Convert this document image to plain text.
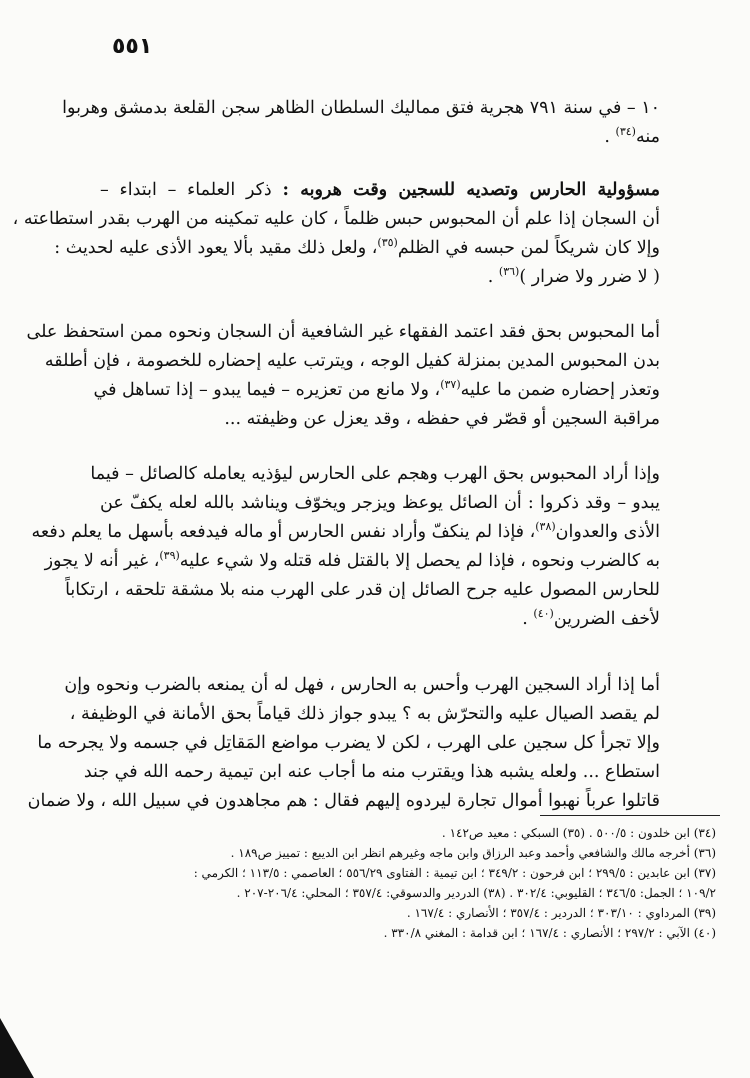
٥٥١
١٠ – في سنة ٧٩١ هجرية فتق مماليك السلطان الظاهر سجن القلعة بدمشق وهربوا
منه$^{(٣٤)}$ .
مسؤولية الحارس وتصديه للسجين وقت هروبه : ذكر العلماء – ابتداء –
أن السجان إذا علم أن المحبوس حبس ظلماً ، كان عليه تمكينه من الهرب بقدر استطاعته ،
وإلا كان شريكاً لمن حبسه في الظلم$^{(٣٥)}$، ولعل ذلك مقيد بألا يعود الأذى عليه لحديث :
( لا ضرر ولا ضرار )$^{(٣٦)}$ .
أما المحبوس بحق فقد اعتمد الفقهاء غير الشافعية أن السجان ونحوه ممن استحفظ على
بدن المحبوس المدين بمنزلة كفيل الوجه ، ويترتب عليه إحضاره للخصومة ، فإن أطلقه
وتعذر إحضاره ضمن ما عليه$^{(٣٧)}$، ولا مانع من تعزيره – فيما يبدو – إذا تساهل في
مراقبة السجين أو قصّر في حفظه ، وقد يعزل عن وظيفته ...
وإذا أراد المحبوس بحق الهرب وهجم على الحارس ليؤذيه يعامله كالصائل – فيما
يبدو – وقد ذكروا : أن الصائل يوعظ ويزجر ويخوّف ويناشد بالله لعله يكفّ عن
الأذى والعدوان$^{(٣٨)}$، فإذا لم ينكفّ وأراد نفس الحارس أو ماله فيدفعه بأسهل ما يعلم دفعه
به كالضرب ونحوه ، فإذا لم يحصل إلا بالقتل فله قتله ولا شيء عليه$^{(٣٩)}$، غير أنه لا يجوز
للحارس المصول عليه جرح الصائل إن قدر على الهرب منه بلا مشقة تلحقه ، ارتكاباً
لأخف الضررين$^{(٤٠)}$ .
أما إذا أراد السجين الهرب وأحس به الحارس ، فهل له أن يمنعه بالضرب ونحوه وإن
لم يقصد الصيال عليه والتحرّش به ؟ يبدو جواز ذلك قياماً بحق الأمانة في الوظيفة ،
وإلا تجرأ كل سجين على الهرب ، لكن لا يضرب مواضع المَقاتِل في جسمه ولا يجرحه ما
استطاع ... ولعله يشبه هذا ويقترب منه ما أجاب عنه ابن تيمية رحمه الله في جند
قاتلوا عرباً نهبوا أموال تجارة ليردوه إليهم فقال : هم مجاهدون في سبيل الله ، ولا ضمان
(٣٤) ابن خلدون : ٥٠٠/٥ . (٣٥) السبكي : معيد ص١٤٢ .
(٣٦) أخرجه مالك والشافعي وأحمد وعبد الرزاق وابن ماجه وغيرهم انظر ابن الديبع : تمييز ص١٨٩ .
(٣٧) ابن عابدين : ٢٩٩/٥ ؛ ابن فرحون : ٣٤٩/٢ ؛ ابن تيمية : الفتاوى ٥٥٦/٢٩ ؛ العاصمي : ١١٣/٥ ؛ الكرمي :
١٠٩/٢ ؛ الجمل: ٣٤٦/٥ ؛ القليوبي: ٣٠٢/٤ . (٣٨) الدردير والدسوقي: ٣٥٧/٤ ؛ المحلي: ٢٠٦/٤-٢٠٧ .
(٣٩) المرداوي : ٣٠٣/١٠ ؛ الدردير : ٣٥٧/٤ ؛ الأنصاري : ١٦٧/٤ .
(٤٠) الآبي : ٢٩٧/٢ ؛ الأنصاري : ١٦٧/٤ ؛ ابن قدامة : المغني ٣٣٠/٨ .
